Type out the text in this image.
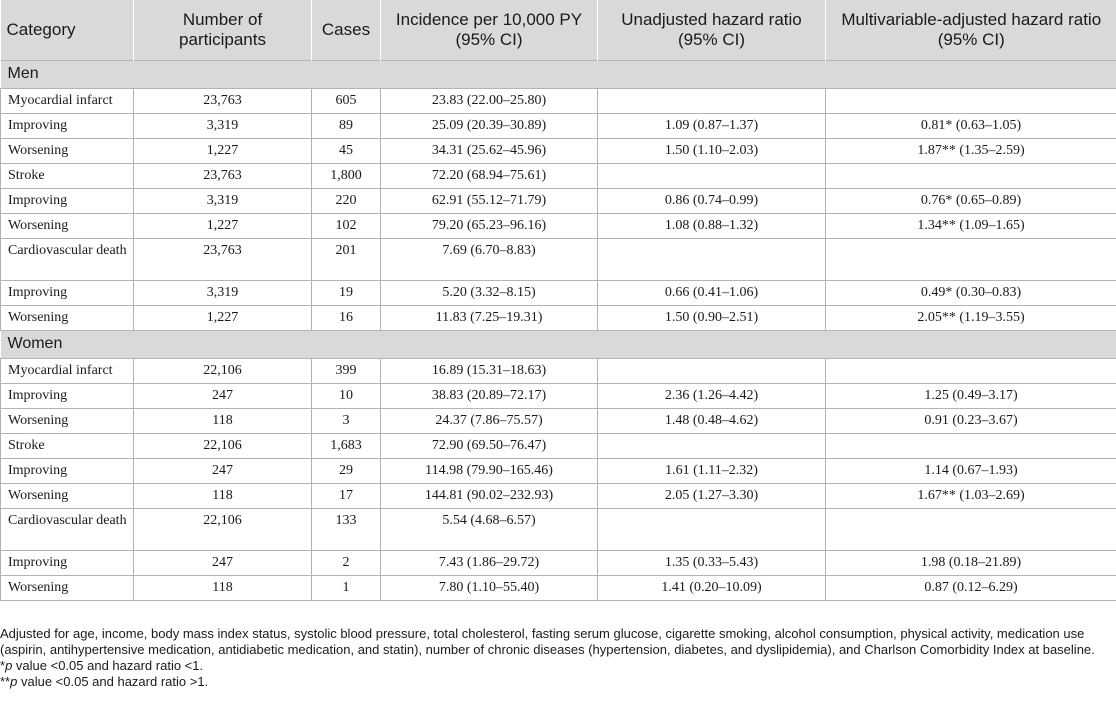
Category	Number of participants	Cases	Incidence per 10,000 PY (95% CI)	Unadjusted hazard ratio (95% CI)	Multivariable-adjusted hazard ratio (95% CI)
Men					
Myocardial infarct	23,763	605	23.83 (22.00–25.80)		
Improving	3,319	89	25.09 (20.39–30.89)	1.09 (0.87–1.37)	0.81* (0.63–1.05)
Worsening	1,227	45	34.31 (25.62–45.96)	1.50 (1.10–2.03)	1.87** (1.35–2.59)
Stroke	23,763	1,800	72.20 (68.94–75.61)		
Improving	3,319	220	62.91 (55.12–71.79)	0.86 (0.74–0.99)	0.76* (0.65–0.89)
Worsening	1,227	102	79.20 (65.23–96.16)	1.08 (0.88–1.32)	1.34** (1.09–1.65)
Cardiovascular death	23,763	201	7.69 (6.70–8.83)		
Improving	3,319	19	5.20 (3.32–8.15)	0.66 (0.41–1.06)	0.49* (0.30–0.83)
Worsening	1,227	16	11.83 (7.25–19.31)	1.50 (0.90–2.51)	2.05** (1.19–3.55)
Women					
Myocardial infarct	22,106	399	16.89 (15.31–18.63)		
Improving	247	10	38.83 (20.89–72.17)	2.36 (1.26–4.42)	1.25 (0.49–3.17)
Worsening	118	3	24.37 (7.86–75.57)	1.48 (0.48–4.62)	0.91 (0.23–3.67)
Stroke	22,106	1,683	72.90 (69.50–76.47)		
Improving	247	29	114.98 (79.90–165.46)	1.61 (1.11–2.32)	1.14 (0.67–1.93)
Worsening	118	17	144.81 (90.02–232.93)	2.05 (1.27–3.30)	1.67** (1.03–2.69)
Cardiovascular death	22,106	133	5.54 (4.68–6.57)		
Improving	247	2	7.43 (1.86–29.72)	1.35 (0.33–5.43)	1.98 (0.18–21.89)
Worsening	118	1	7.80 (1.10–55.40)	1.41 (0.20–10.09)	0.87 (0.12–6.29)

Adjusted for age, income, body mass index status, systolic blood pressure, total cholesterol, fasting serum glucose, cigarette smoking, alcohol consumption, physical activity, medication use (aspirin, antihypertensive medication, antidiabetic medication, and statin), number of chronic diseases (hypertension, diabetes, and dyslipidemia), and Charlson Comorbidity Index at baseline.

*p value <0.05 and hazard ratio <1.

**p value <0.05 and hazard ratio >1.
